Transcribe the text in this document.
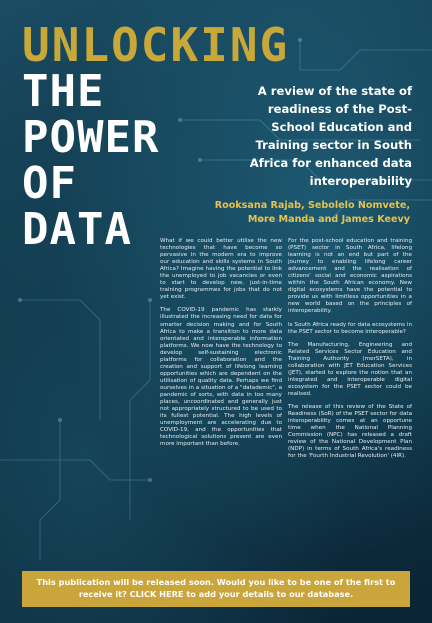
UNLOCKING
THE
POWER
OF
DATA
A review of the state of readiness of the Post-School Education and Training sector in South Africa for enhanced data interoperability
Rooksana Rajab, Sebolelo Nomvete, More Manda and James Keevy

What if we could better utilise the new technologies that have become so pervasive in the modern era to improve our education and skills systems in South Africa? Imagine having the potential to link the unemployed to job vacancies or even to start to develop new, just-in-time training programmes for jobs that do not yet exist.

The COVID-19 pandemic has starkly illustrated the increasing need for data for smarter decision making and for South Africa to make a transition to more data orientated and interoperable information platforms. We now have the technology to develop self-sustaining electronic platforms for collaboration and the creation and support of lifelong learning opportunities which are dependent on the utilisation of quality data. Perhaps we find ourselves in a situation of a "datademic", a pandemic of sorts, with data in too many places, uncoordinated and generally just not appropriately structured to be used to its fullest potential. The high levels of unemployment are accelerating due to COVID-19, and the opportunities that technological solutions present are even more important than before.

For the post-school education and training (PSET) sector in South Africa, lifelong learning is not an end but part of the journey to enabling lifelong career advancement and the realisation of citizens' social and economic aspirations within the South African economy. New digital ecosystems have the potential to provide us with limitless opportunities in a new world based on the principles of interoperability.

Is South Africa ready for data ecosystems in the PSET sector to become interoperable?

The Manufacturing, Engineering and Related Services Sector Education and Training Authority (merSETA), in collaboration with JET Education Services (JET), started to explore the notion that an integrated and interoperable digital ecosystem for the PSET sector could be realised.

The release of this review of the State of Readiness (SoR) of the PSET sector for data interoperability comes at an opportune time when the National Planning Commission (NPC) has released a draft review of the National Development Plan (NDP) in terms of South Africa's readiness for the 'Fourth Industrial Revolution' (4IR).

This publication will be released soon. Would you like to be one of the first to receive it? CLICK HERE to add your details to our database.
